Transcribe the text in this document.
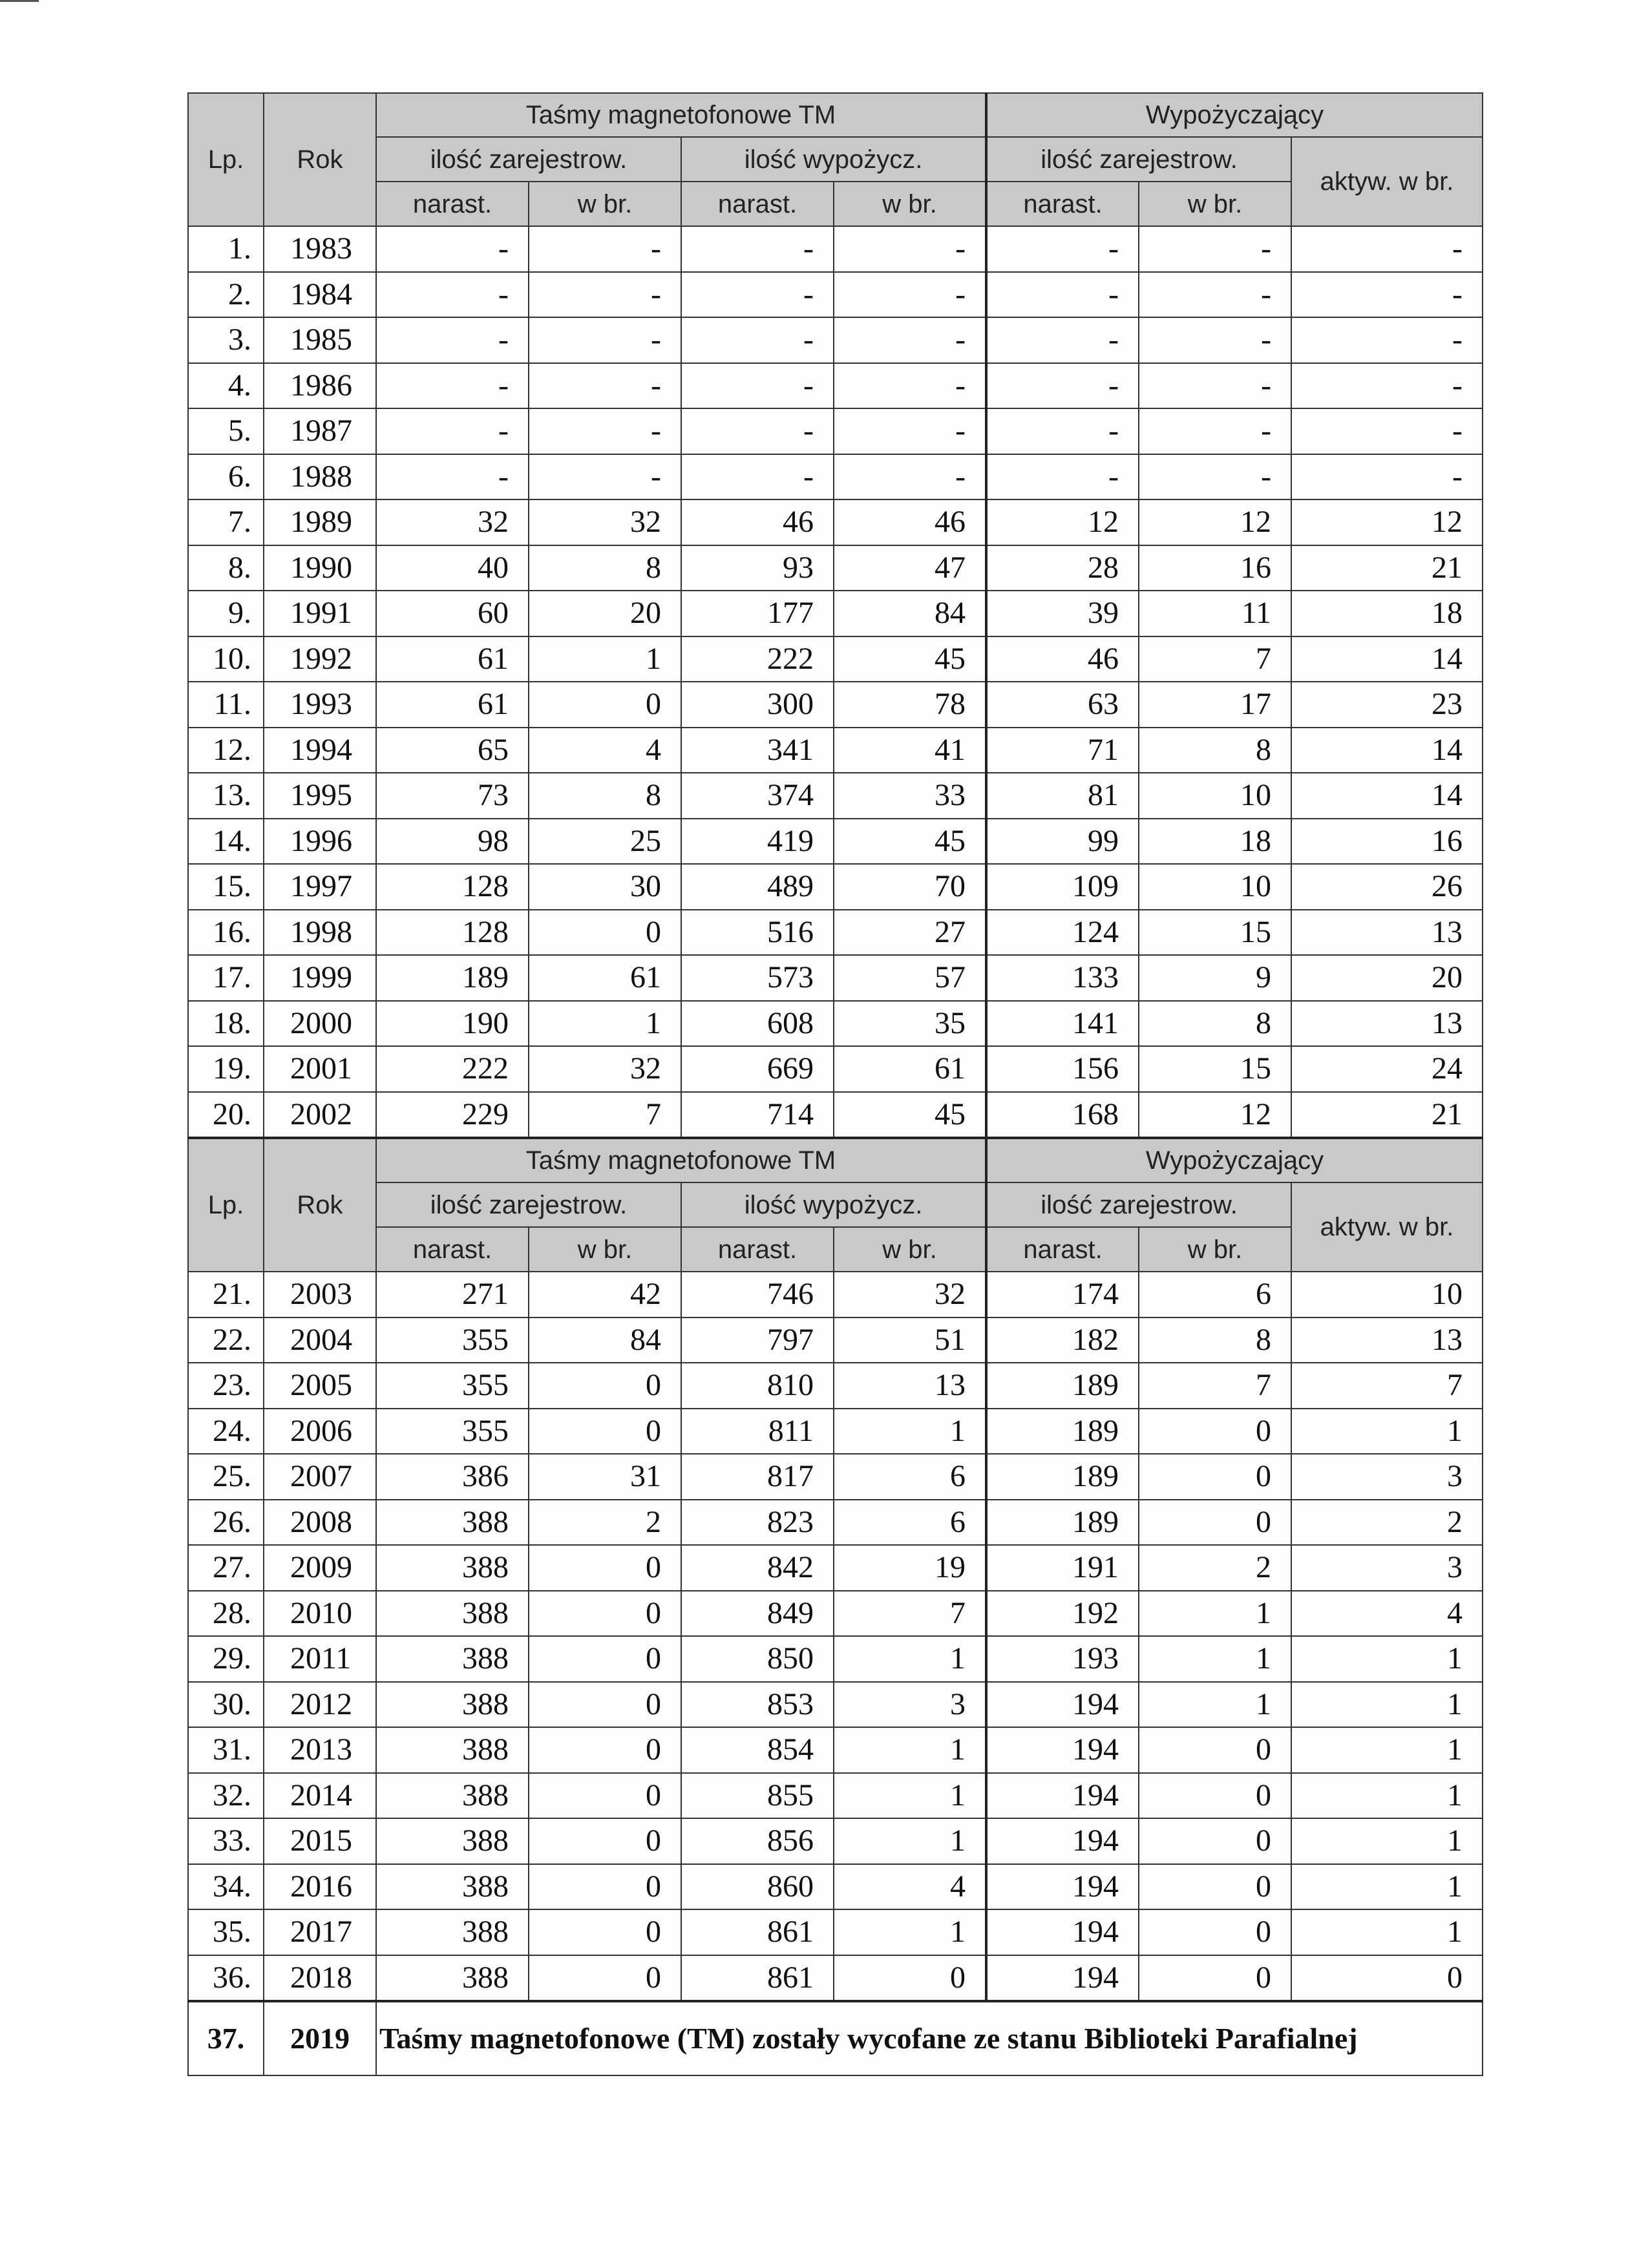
Lp.	Rok	Taśmy magnetofonowe TM				Wypożyczający		
		ilość zarejestrow.		ilość wypożycz.		ilość zarejestrow.		aktyw. w br.
		narast.	w br.	narast.	w br.	narast.	w br.	
1.	1983	-	-	-	-	-	-	-
2.	1984	-	-	-	-	-	-	-
3.	1985	-	-	-	-	-	-	-
4.	1986	-	-	-	-	-	-	-
5.	1987	-	-	-	-	-	-	-
6.	1988	-	-	-	-	-	-	-
7.	1989	32	32	46	46	12	12	12
8.	1990	40	8	93	47	28	16	21
9.	1991	60	20	177	84	39	11	18
10.	1992	61	1	222	45	46	7	14
11.	1993	61	0	300	78	63	17	23
12.	1994	65	4	341	41	71	8	14
13.	1995	73	8	374	33	81	10	14
14.	1996	98	25	419	45	99	18	16
15.	1997	128	30	489	70	109	10	26
16.	1998	128	0	516	27	124	15	13
17.	1999	189	61	573	57	133	9	20
18.	2000	190	1	608	35	141	8	13
19.	2001	222	32	669	61	156	15	24
20.	2002	229	7	714	45	168	12	21
Lp.	Rok	Taśmy magnetofonowe TM				Wypożyczający		
		ilość zarejestrow.		ilość wypożycz.		ilość zarejestrow.		aktyw. w br.
		narast.	w br.	narast.	w br.	narast.	w br.	
21.	2003	271	42	746	32	174	6	10
22.	2004	355	84	797	51	182	8	13
23.	2005	355	0	810	13	189	7	7
24.	2006	355	0	811	1	189	0	1
25.	2007	386	31	817	6	189	0	3
26.	2008	388	2	823	6	189	0	2
27.	2009	388	0	842	19	191	2	3
28.	2010	388	0	849	7	192	1	4
29.	2011	388	0	850	1	193	1	1
30.	2012	388	0	853	3	194	1	1
31.	2013	388	0	854	1	194	0	1
32.	2014	388	0	855	1	194	0	1
33.	2015	388	0	856	1	194	0	1
34.	2016	388	0	860	4	194	0	1
35.	2017	388	0	861	1	194	0	1
36.	2018	388	0	861	0	194	0	0
37.	2019	Taśmy magnetofonowe (TM) zostały wycofane ze stanu Biblioteki Parafialnej						
